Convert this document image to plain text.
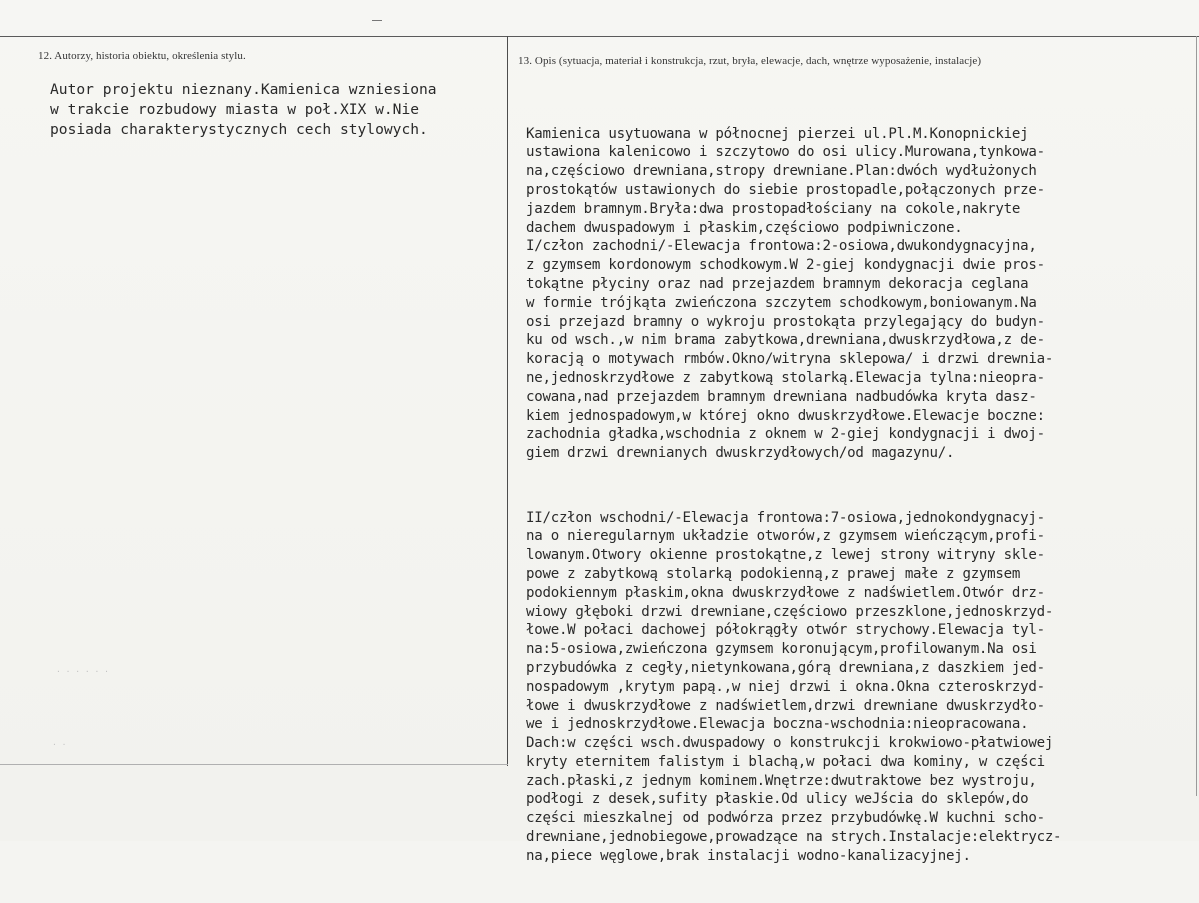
12. Autorzy, historia obiektu, określenia stylu.	13. Opis (sytuacja, materiał i konstrukcja, rzut, bryła, elewacje, dach, wnętrze wyposażenie, instalacje)
Autor projektu nieznany.Kamienica wzniesiona
w trakcie rozbudowy miasta w poł.XIX w.Nie
posiada charakterystycznych cech stylowych.

	Kamienica usytuowana w północnej pierzei ul.Pl.M.Konopnickiej
ustawiona kalenicowo i szczytowo do osi ulicy.Murowana,tynkowa-
na,częściowo drewniana,stropy drewniane.Plan:dwóch wydłużonych
prostokątów ustawionych do siebie prostopadle,połączonych prze-
jazdem bramnym.Bryła:dwa prostopadłościany na cokole,nakryte
dachem dwuspadowym i płaskim,częściowo podpiwniczone.
I/człon zachodni/-Elewacja frontowa:2-osiowa,dwukondygnacyjna,
z gzymsem kordonowym schodkowym.W 2-giej kondygnacji dwie pros-
tokątne płyciny oraz nad przejazdem bramnym dekoracja ceglana
w formie trójkąta zwieńczona szczytem schodkowym,boniowanym.Na
osi przejazd bramny o wykroju prostokąta przylegający do budyn-
ku od wsch.,w nim brama zabytkowa,drewniana,dwuskrzydłowa,z de-
koracją o motywach rmbów.Okno/witryna sklepowa/ i drzwi drewnia-
ne,jednoskrzydłowe z zabytkową stolarką.Elewacja tylna:nieopra-
cowana,nad przejazdem bramnym drewniana nadbudówka kryta dasz-
kiem jednospadowym,w której okno dwuskrzydłowe.Elewacje boczne:
zachodnia gładka,wschodnia z oknem w 2-giej kondygnacji i dwoj-
giem drzwi drewnianych dwuskrzydłowych/od magazynu/.

II/człon wschodni/-Elewacja frontowa:7-osiowa,jednokondygnacyj-
na o nieregularnym układzie otworów,z gzymsem wieńczącym,profi-
lowanym.Otwory okienne prostokątne,z lewej strony witryny skle-
powe z zabytkową stolarką podokienną,z prawej małe z gzymsem
podokiennym płaskim,okna dwuskrzydłowe z nadświetlem.Otwór drz-
wiowy głęboki drzwi drewniane,częściowo przeszklone,jednoskrzyd-
łowe.W połaci dachowej półokrągły otwór strychowy.Elewacja tyl-
na:5-osiowa,zwieńczona gzymsem koronującym,profilowanym.Na osi
przybudówka z cegły,nietynkowana,górą drewniana,z daszkiem jed-
nospadowym ,krytym papą.,w niej drzwi i okna.Okna czteroskrzyd-
łowe i dwuskrzydłowe z nadświetlem,drzwi drewniane dwuskrzydło-
we i jednoskrzydłowe.Elewacja boczna-wschodnia:nieopracowana.
Dach:w części wsch.dwuspadowy o konstrukcji krokwiowo-płatwiowej
kryty eternitem falistym i blachą,w połaci dwa kominy, w części
zach.płaski,z jednym kominem.Wnętrze:dwutraktowe bez wystroju,
podłogi z desek,sufity płaskie.Od ulicy weJścia do sklepów,do
części mieszkalnej od podwórza przez przybudówkę.W kuchni scho-
drewniane,jednobiegowe,prowadzące na strych.Instalacje:elektrycz-
na,piece węglowe,brak instalacji wodno-kanalizacyjnej.

· · · · · ·
· ·
